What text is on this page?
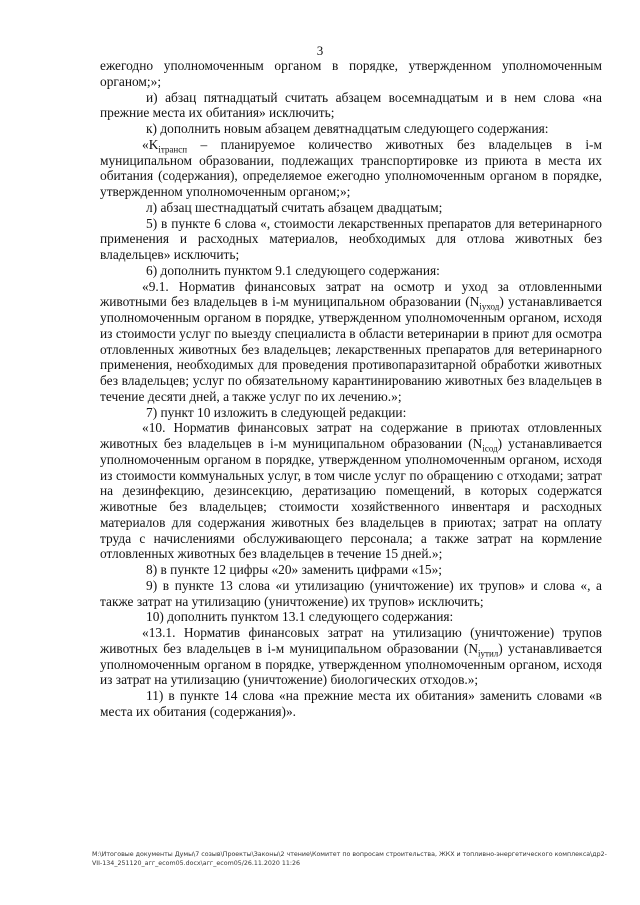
3

ежегодно уполномоченным органом в порядке, утвержденном уполномоченным органом;»;

и) абзац пятнадцатый считать абзацем восемнадцатым и в нем слова «на прежние места их обитания» исключить;

к) дополнить новым абзацем девятнадцатым следующего содержания:

«$K_{iтрансп}$ – планируемое количество животных без владельцев в i-м муниципальном образовании, подлежащих транспортировке из приюта в места их обитания (содержания), определяемое ежегодно уполномоченным органом в порядке, утвержденном уполномоченным органом;»;

л) абзац шестнадцатый считать абзацем двадцатым;

5) в пункте 6 слова «, стоимости лекарственных препаратов для ветеринарного применения и расходных материалов, необходимых для отлова животных без владельцев» исключить;

6) дополнить пунктом 9.1 следующего содержания:

«9.1. Норматив финансовых затрат на осмотр и уход за отловленными животными без владельцев в i-м муниципальном образовании $(N_{iуход})$ устанавливается уполномоченным органом в порядке, утвержденном уполномоченным органом, исходя из стоимости услуг по выезду специалиста в области ветеринарии в приют для осмотра отловленных животных без владельцев; лекарственных препаратов для ветеринарного применения, необходимых для проведения противопаразитарной обработки животных без владельцев; услуг по обязательному карантинированию животных без владельцев в течение десяти дней, а также услуг по их лечению.»;

7) пункт 10 изложить в следующей редакции:

«10. Норматив финансовых затрат на содержание в приютах отловленных животных без владельцев в i-м муниципальном образовании $(N_{iсод})$ устанавливается уполномоченным органом в порядке, утвержденном уполномоченным органом, исходя из стоимости коммунальных услуг, в том числе услуг по обращению с отходами; затрат на дезинфекцию, дезинсекцию, дератизацию помещений, в которых содержатся животные без владельцев; стоимости хозяйственного инвентаря и расходных материалов для содержания животных без владельцев в приютах; затрат на оплату труда с начислениями обслуживающего персонала; а также затрат на кормление отловленных животных без владельцев в течение 15 дней.»;

8) в пункте 12 цифры «20» заменить цифрами «15»;

9) в пункте 13 слова «и утилизацию (уничтожение) их трупов» и слова «, а также затрат на утилизацию (уничтожение) их трупов» исключить;

10) дополнить пунктом 13.1 следующего содержания:

«13.1. Норматив финансовых затрат на утилизацию (уничтожение) трупов животных без владельцев в i-м муниципальном образовании $(N_{iутил})$ устанавливается уполномоченным органом в порядке, утвержденном уполномоченным органом, исходя из затрат на утилизацию (уничтожение) биологических отходов.»;

11) в пункте 14 слова «на прежние места их обитания» заменить словами «в места их обитания (содержания)».

M:\Итоговые документы Думы\7 созыв\Проекты\Законы\2 чтение\Комитет по вопросам строительства, ЖКХ и топливно-энергетического комплекса\др2-
VII-134_251120_агг_ecom05.docx\агг_ecom05/26.11.2020 11:26
